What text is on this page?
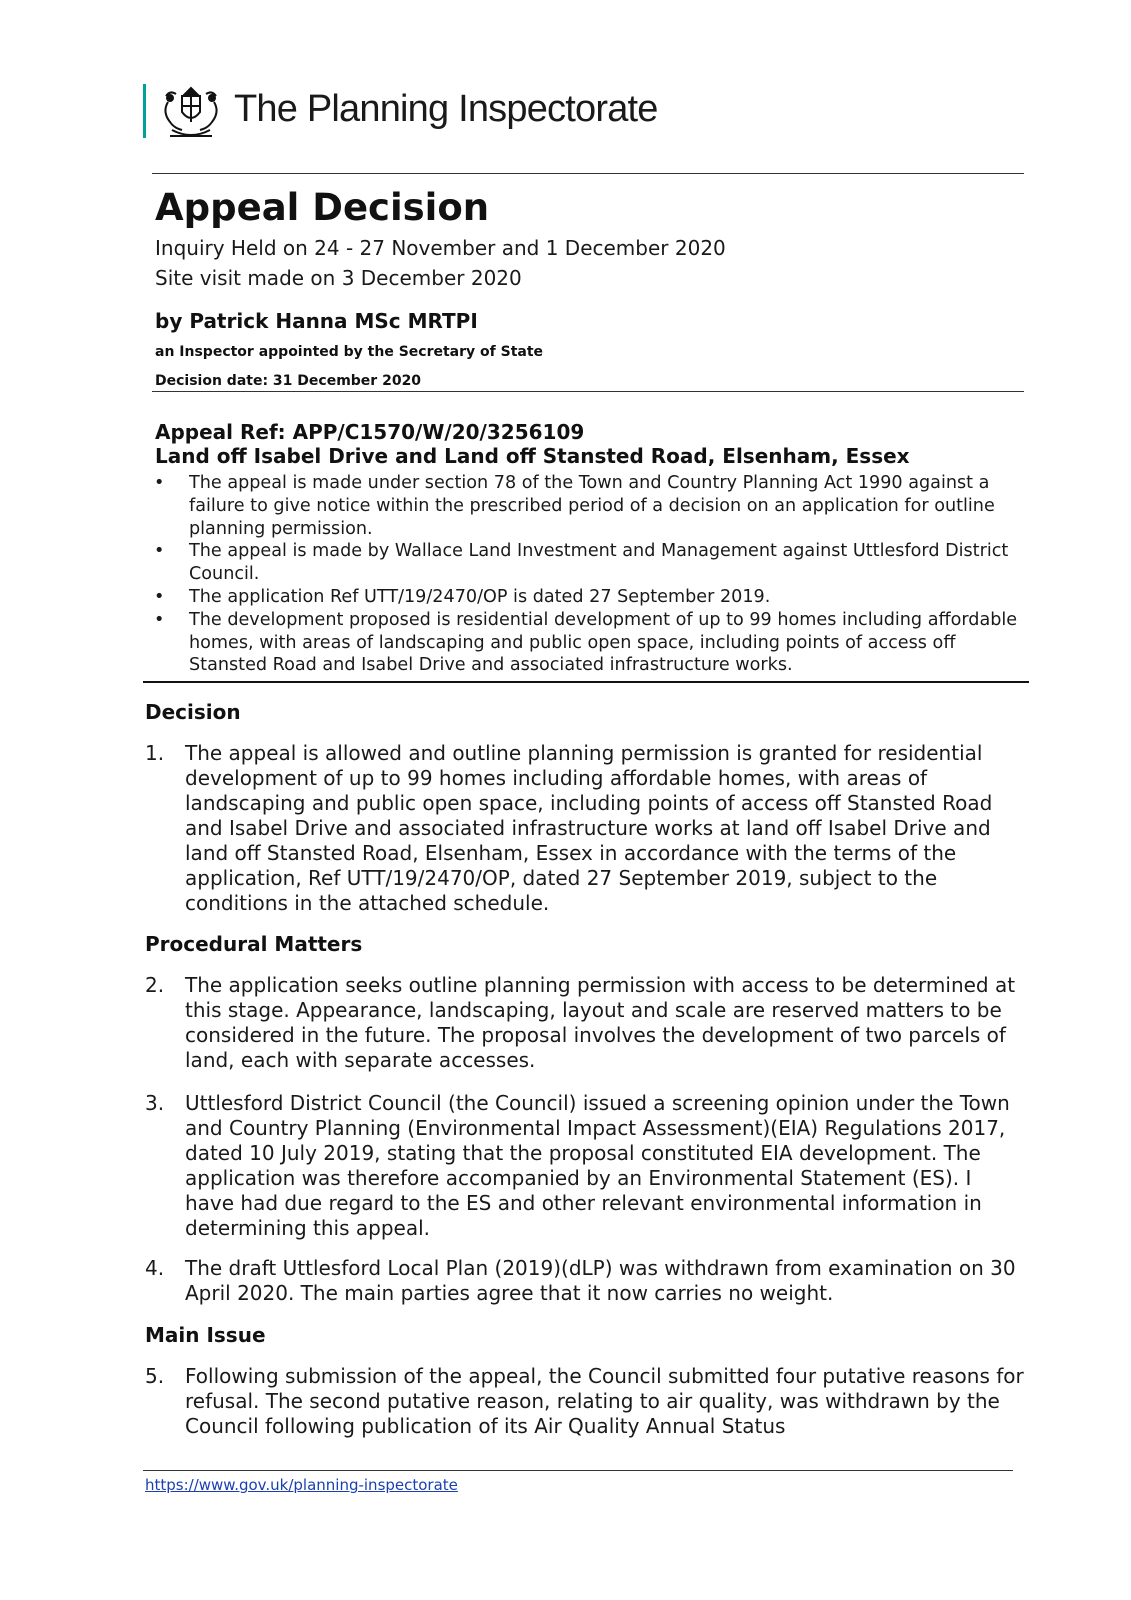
The Planning Inspectorate
Appeal Decision
Inquiry Held on 24 - 27 November and 1 December 2020
Site visit made on 3 December 2020
by Patrick Hanna MSc MRTPI
an Inspector appointed by the Secretary of State
Decision date: 31 December 2020
Appeal Ref: APP/C1570/W/20/3256109
Land off Isabel Drive and Land off Stansted Road, Elsenham, Essex
• The appeal is made under section 78 of the Town and Country Planning Act 1990 against a failure to give notice within the prescribed period of a decision on an application for outline planning permission.
• The appeal is made by Wallace Land Investment and Management against Uttlesford District Council.
• The application Ref UTT/19/2470/OP is dated 27 September 2019.
• The development proposed is residential development of up to 99 homes including affordable homes, with areas of landscaping and public open space, including points of access off Stansted Road and Isabel Drive and associated infrastructure works.
Decision
1.	The appeal is allowed and outline planning permission is granted for residential development of up to 99 homes including affordable homes, with areas of landscaping and public open space, including points of access off Stansted Road and Isabel Drive and associated infrastructure works at land off Isabel Drive and land off Stansted Road, Elsenham, Essex in accordance with the terms of the application, Ref UTT/19/2470/OP, dated 27 September 2019, subject to the conditions in the attached schedule.
Procedural Matters
2.	The application seeks outline planning permission with access to be determined at this stage. Appearance, landscaping, layout and scale are reserved matters to be considered in the future. The proposal involves the development of two parcels of land, each with separate accesses.
3.	Uttlesford District Council (the Council) issued a screening opinion under the Town and Country Planning (Environmental Impact Assessment)(EIA) Regulations 2017, dated 10 July 2019, stating that the proposal constituted EIA development. The application was therefore accompanied by an Environmental Statement (ES). I have had due regard to the ES and other relevant environmental information in determining this appeal.
4.	The draft Uttlesford Local Plan (2019)(dLP) was withdrawn from examination on 30 April 2020. The main parties agree that it now carries no weight.
Main Issue
5.	Following submission of the appeal, the Council submitted four putative reasons for refusal. The second putative reason, relating to air quality, was withdrawn by the Council following publication of its Air Quality Annual Status
https://www.gov.uk/planning-inspectorate
